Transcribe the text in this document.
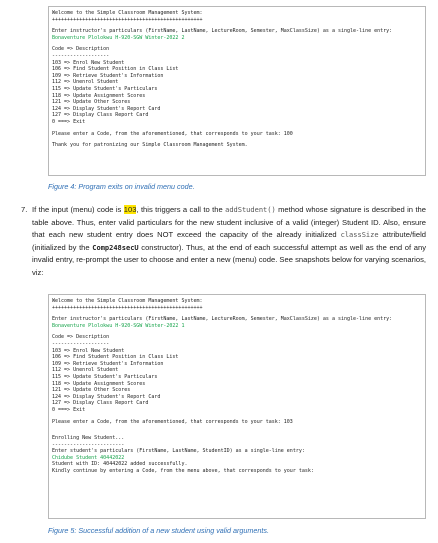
Welcome to the Simple Classroom Management System:
++++++++++++++++++++++++++++++++++++++++++++++++++
Enter instructor's particulars (FirstName, LastName, LectureRoom, Semester, MaxClassSize) as a single-line entry:
Bonaventure Plolokwu H-920-SGW Winter-2022 2
Code => Description
-------------------
103 => Enrol New Student
106 => Find Student Position in Class List
109 => Retrieve Student's Information
112 => Unenrol Student
115 => Update Student's Particulars
118 => Update Assignment Scores
121 => Update Other Scores
124 => Display Student's Report Card
127 => Display Class Report Card
0 ===> Exit
Please enter a Code, from the aforementioned, that corresponds to your task: 100
Thank you for patronizing our Simple Classroom Management System.
Figure 4: Program exits on invalid menu code.
7. If the input (menu) code is 103, this triggers a call to the addStudent() method whose signature is described in the table above. Thus, enter valid particulars for the new student inclusive of a valid (integer) Student ID. Also, ensure that each new student entry does NOT exceed the capacity of the already initialized classSize attribute/field (initialized by the Comp248secU constructor). Thus, at the end of each successful attempt as well as the end of any invalid entry, re-prompt the user to choose and enter a new (menu) code. See snapshots below for varying scenarios, viz:
Welcome to the Simple Classroom Management System:
++++++++++++++++++++++++++++++++++++++++++++++++++
Enter instructor's particulars (FirstName, LastName, LectureRoom, Semester, MaxClassSize) as a single-line entry:
Bonaventure Plolokwu H-920-SGW Winter-2022 1
Code => Description
-------------------
103 => Enrol New Student
106 => Find Student Position in Class List
109 => Retrieve Student's Information
112 => Unenrol Student
115 => Update Student's Particulars
118 => Update Assignment Scores
121 => Update Other Scores
124 => Display Student's Report Card
127 => Display Class Report Card
0 ===> Exit
Please enter a Code, from the aforementioned, that corresponds to your task: 103
Enrolling New Student...
------------------------
Enter student's particulars (FirstName, LastName, StudentID) as a single-line entry:
Chidube Student 40442022
Student with ID: 40442022 added successfully.
Kindly continue by entering a Code, from the menu above, that corresponds to your task:
Figure 5: Successful addition of a new student using valid arguments.
